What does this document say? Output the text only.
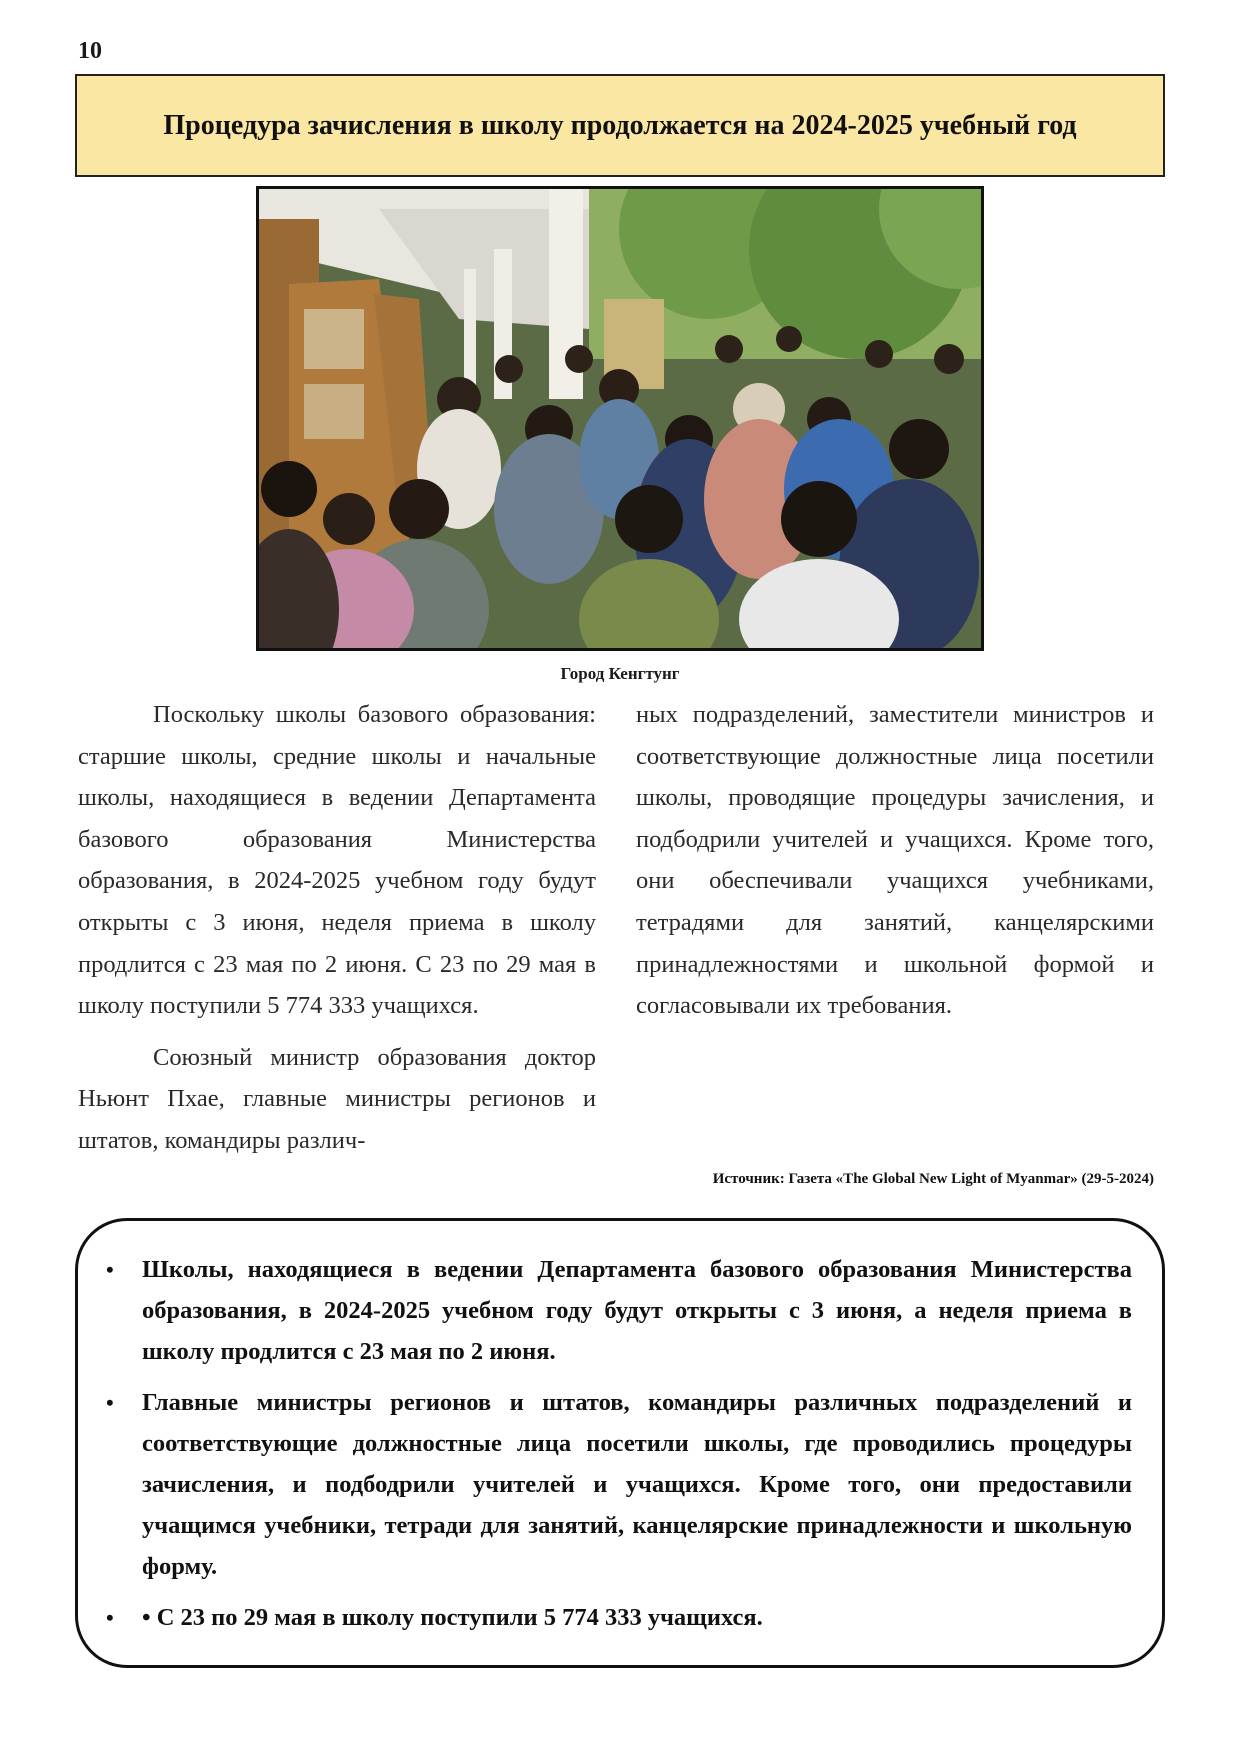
10
Процедура зачисления в школу продолжается на 2024-2025 учебный год
Город Кенгтунг

Поскольку школы базового образования: старшие школы, средние школы и начальные школы, находящиеся в ведении Департамента базового образования Министерства образования, в 2024-2025 учебном году будут открыты с 3 июня, неделя приема в школу продлится с 23 мая по 2 июня. С 23 по 29 мая в школу поступили 5 774 333 учащихся.

Союзный министр образования доктор Ньюнт Пхае, главные министры регионов и штатов, командиры различ-

ных подразделений, заместители министров и соответствующие должностные лица посетили школы, проводящие процедуры зачисления, и подбодрили учителей и учащихся. Кроме того, они обеспечивали учащихся учебниками, тетрадями для занятий, канцелярскими принадлежностями и школьной формой и согласовывали их требования.

Источник: Газета «The Global New Light of Myanmar» (29-5-2024)
•	Школы, находящиеся в ведении Департамента базового образования Министерства образования, в 2024-2025 учебном году будут открыты с 3 июня, а неделя приема в школу продлится с 23 мая по 2 июня.
•	Главные министры регионов и штатов, командиры различных подразделений и соответствующие должностные лица посетили школы, где проводились процедуры зачисления, и подбодрили учителей и учащихся. Кроме того, они предоставили учащимся учебники, тетради для занятий, канцелярские принадлежности и школьную форму.
•	• С 23 по 29 мая в школу поступили 5 774 333 учащихся.
